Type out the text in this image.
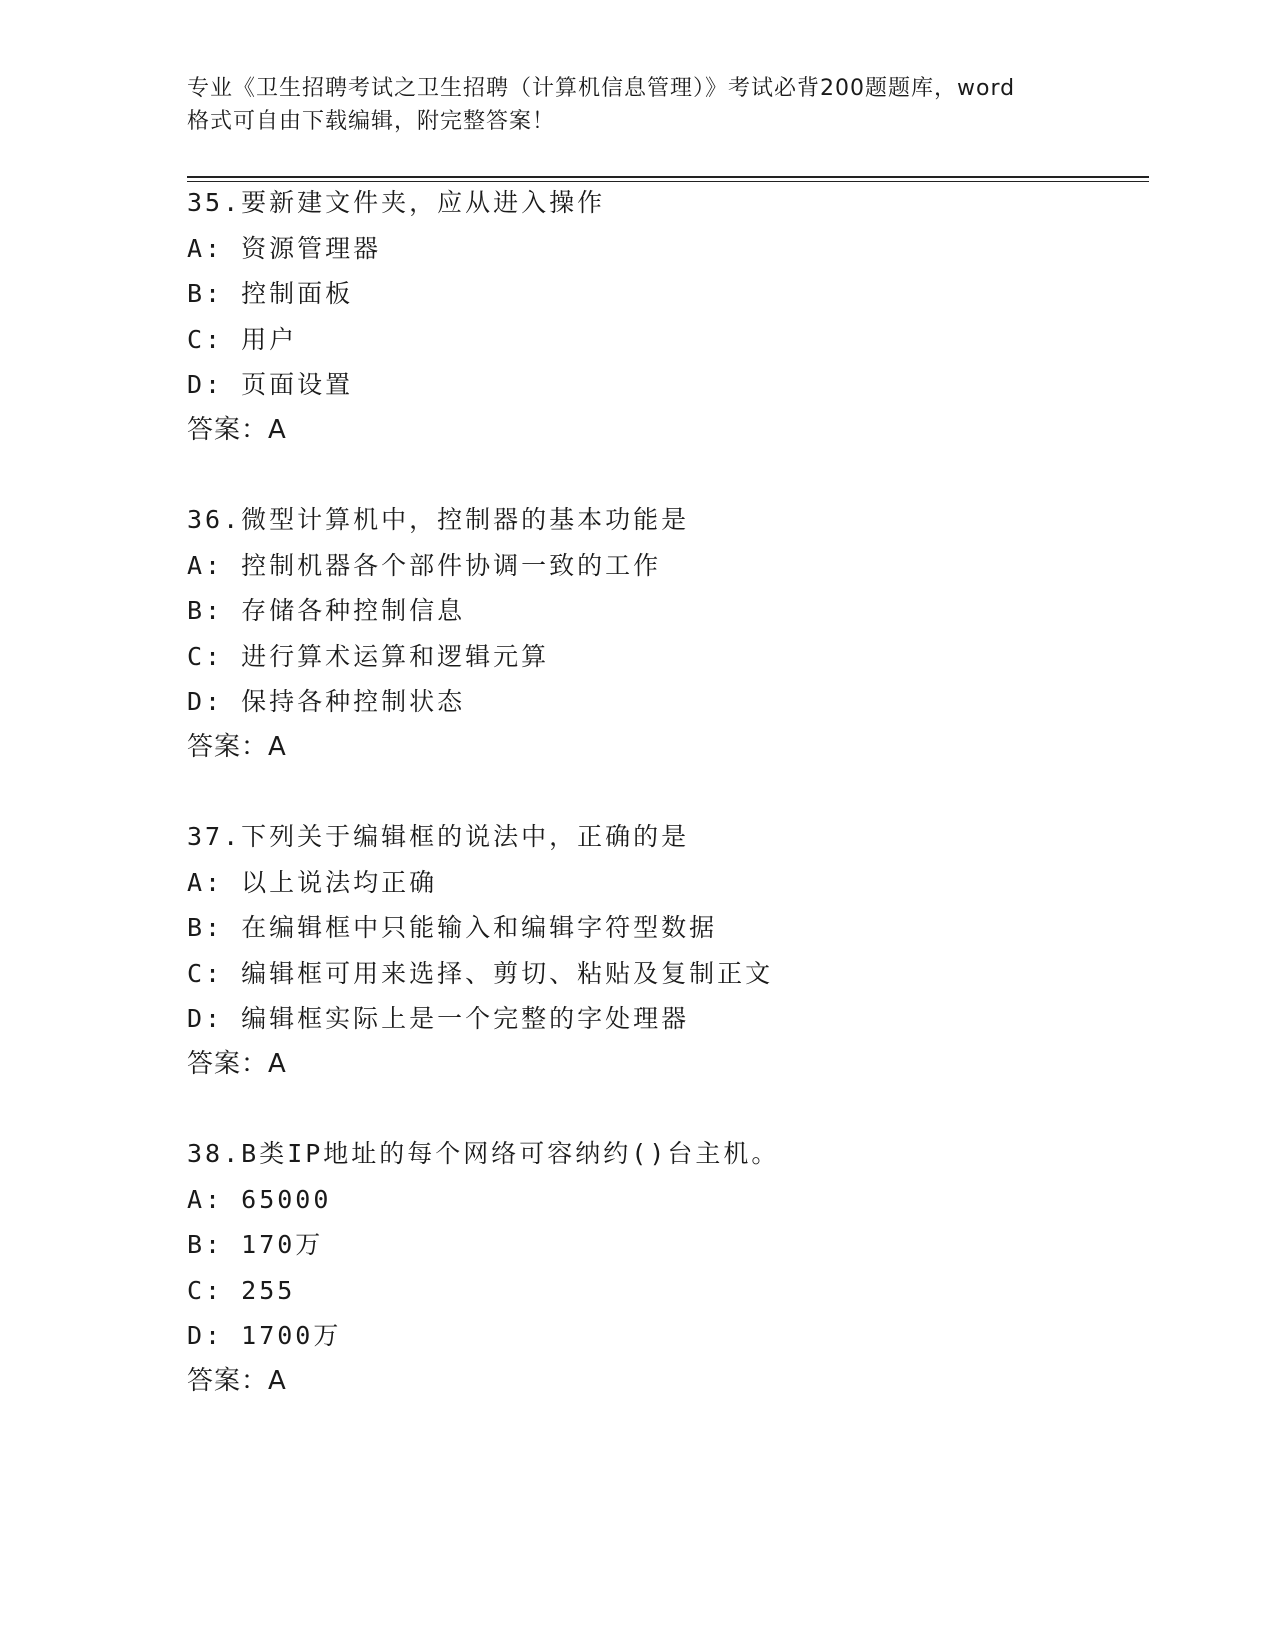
专业《卫生招聘考试之卫生招聘（计算机信息管理）》考试必背200题题库，word
格式可自由下载编辑，附完整答案！
35.要新建文件夹，应从进入操作
A: 资源管理器
B: 控制面板
C: 用户
D: 页面设置
答案：A
36.微型计算机中，控制器的基本功能是
A: 控制机器各个部件协调一致的工作
B: 存储各种控制信息
C: 进行算术运算和逻辑元算
D: 保持各种控制状态
答案：A
37.下列关于编辑框的说法中，正确的是
A: 以上说法均正确
B: 在编辑框中只能输入和编辑字符型数据
C: 编辑框可用来选择、剪切、粘贴及复制正文
D: 编辑框实际上是一个完整的字处理器
答案：A
38.B类IP地址的每个网络可容纳约()台主机。
A: 65000
B: 170万
C: 255
D: 1700万
答案：A
